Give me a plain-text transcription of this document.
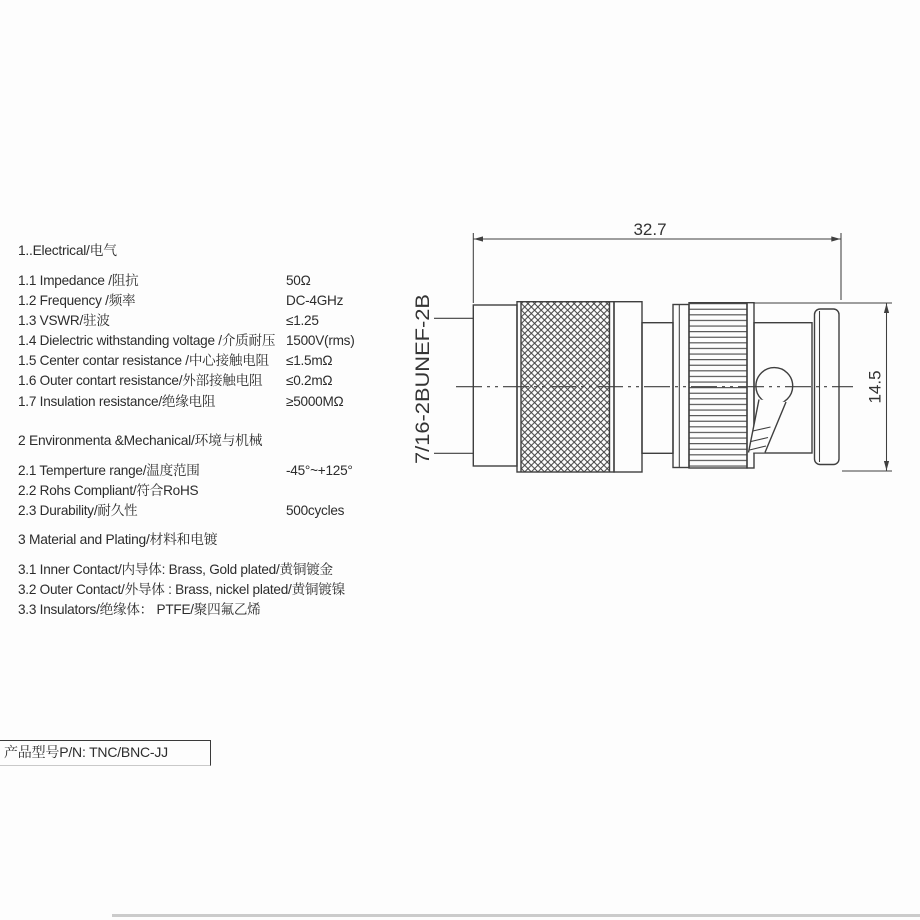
1..Electrical/电气
1.1 Impedance /阻抗	50Ω
1.2 Frequency /频率	DC-4GHz
1.3 VSWR/驻波	≤1.25
1.4 Dielectric withstanding voltage /介质耐压 1500V(rms)
1.5 Center contar resistance /中心接触电阻 ≤1.5mΩ
1.6 Outer contart resistance/外部接触电阻 ≤0.2mΩ
1.7 Insulation resistance/绝缘电阻	≥5000MΩ
2 Environmenta &Mechanical/环境与机械
2.1 Temperture range/温度范围	-45°~+125°
2.2 Rohs Compliant/符合RoHS
2.3 Durability/耐久性	500cycles
3 Material and Plating/材料和电镀
3.1 Inner Contact/内导体: Brass, Gold plated/黄铜镀金
3.2 Outer Contact/外导体 : Brass, nickel plated/黄铜镀镍
3.3 Insulators/绝缘体： PTFE/聚四氟乙烯
产品型号P/N: TNC/BNC-JJ
32.7
14.5
7/16-2BUNEF-2B
